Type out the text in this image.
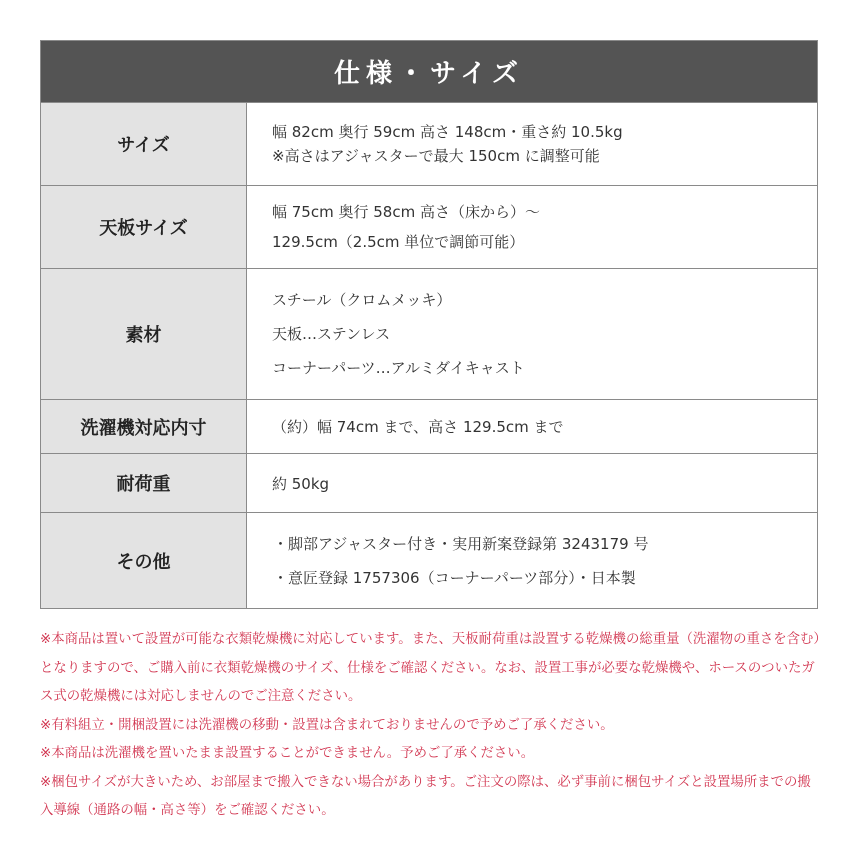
仕様・サイズ
サイズ
幅 82cm 奥行 59cm 高さ 148cm・重さ約 10.5kg
※高さはアジャスターで最大 150cm に調整可能
天板サイズ
幅 75cm 奥行 58cm 高さ（床から）〜
129.5cm（2.5cm 単位で調節可能）
素材
スチール（クロムメッキ）
天板…ステンレス
コーナーパーツ…アルミダイキャスト
洗濯機対応内寸	（約）幅 74cm まで、高さ 129.5cm まで
耐荷重	約 50kg
その他
・脚部アジャスター付き・実用新案登録第 3243179 号
・意匠登録 1757306（コーナーパーツ部分）・日本製

※本商品は置いて設置が可能な衣類乾燥機に対応しています。また、天板耐荷重は設置する乾燥機の総重量（洗濯物の重さを含む）となりますので、ご購入前に衣類乾燥機のサイズ、仕様をご確認ください。なお、設置工事が必要な乾燥機や、ホースのついたガス式の乾燥機には対応しませんのでご注意ください。

※有料組立・開梱設置には洗濯機の移動・設置は含まれておりませんので予めご了承ください。

※本商品は洗濯機を置いたまま設置することができません。予めご了承ください。

※梱包サイズが大きいため、お部屋まで搬入できない場合があります。ご注文の際は、必ず事前に梱包サイズと設置場所までの搬入導線（通路の幅・高さ等）をご確認ください。
